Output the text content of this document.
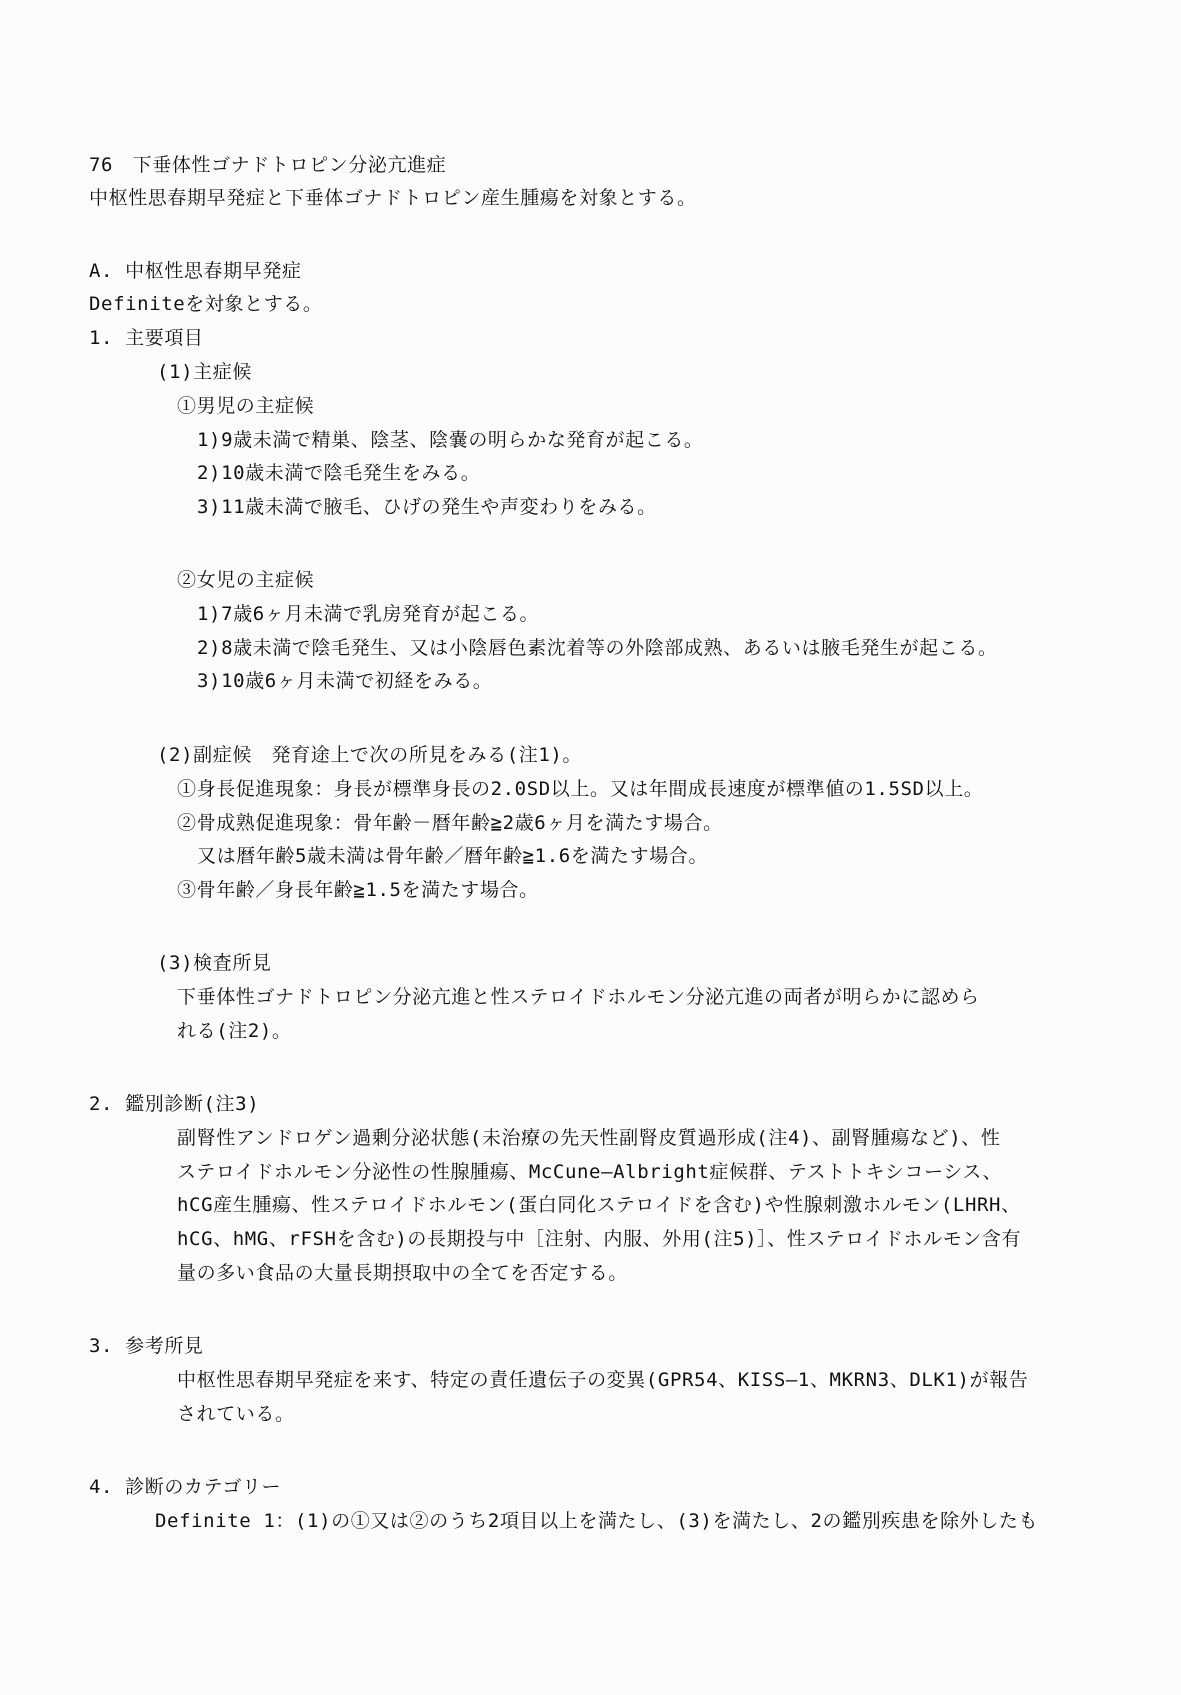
76　下垂体性ゴナドトロピン分泌亢進症
中枢性思春期早発症と下垂体ゴナドトロピン産生腫瘍を対象とする。
A. 中枢性思春期早発症
Definiteを対象とする。
1. 主要項目
(1)主症候
①男児の主症候
1)9歳未満で精巣、陰茎、陰嚢の明らかな発育が起こる。
2)10歳未満で陰毛発生をみる。
3)11歳未満で腋毛、ひげの発生や声変わりをみる。
②女児の主症候
1)7歳6ヶ月未満で乳房発育が起こる。
2)8歳未満で陰毛発生、又は小陰唇色素沈着等の外陰部成熟、あるいは腋毛発生が起こる。
3)10歳6ヶ月未満で初経をみる。
(2)副症候　発育途上で次の所見をみる(注1)。
①身長促進現象：身長が標準身長の2.0SD以上。又は年間成長速度が標準値の1.5SD以上。
②骨成熟促進現象：骨年齢－暦年齢≧2歳6ヶ月を満たす場合。
又は暦年齢5歳未満は骨年齢／暦年齢≧1.6を満たす場合。
③骨年齢／身長年齢≧1.5を満たす場合。
(3)検査所見
下垂体性ゴナドトロピン分泌亢進と性ステロイドホルモン分泌亢進の両者が明らかに認めら
れる(注2)。
2. 鑑別診断(注3)
副腎性アンドロゲン過剰分泌状態(未治療の先天性副腎皮質過形成(注4)、副腎腫瘍など)、性
ステロイドホルモン分泌性の性腺腫瘍、McCune―Albright症候群、テストトキシコーシス、
hCG産生腫瘍、性ステロイドホルモン(蛋白同化ステロイドを含む)や性腺刺激ホルモン(LHRH、
hCG、hMG、rFSHを含む)の長期投与中［注射、内服、外用(注5)］、性ステロイドホルモン含有
量の多い食品の大量長期摂取中の全てを否定する。
3. 参考所見
中枢性思春期早発症を来す、特定の責任遺伝子の変異(GPR54、KISS―1、MKRN3、DLK1)が報告
されている。
4. 診断のカテゴリー
Definite 1：(1)の①又は②のうち2項目以上を満たし、(3)を満たし、2の鑑別疾患を除外したも
